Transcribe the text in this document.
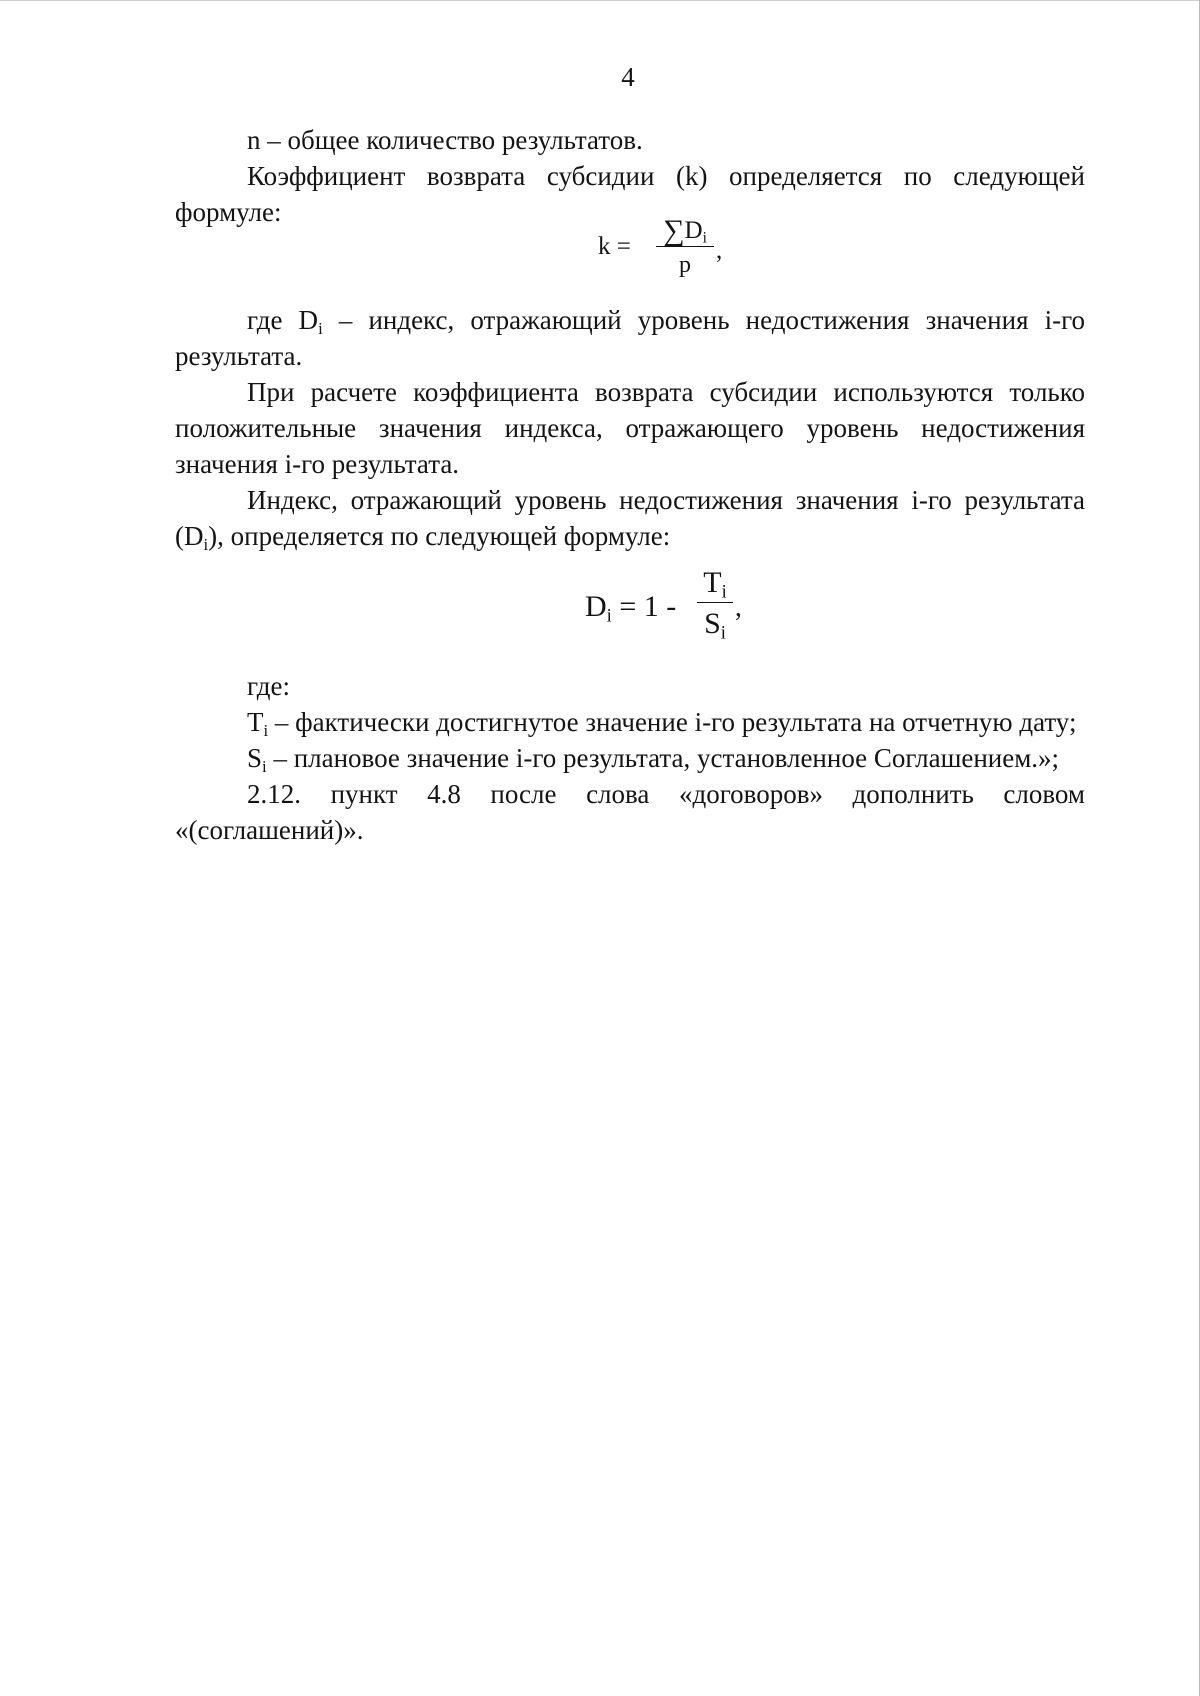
4

n – общее количество результатов.

Коэффициент возврата субсидии (k) определяется по следующей формуле:

$k = \sum D_i$
p
,

где $D_i$ – индекс, отражающий уровень недостижения значения i-го результата.

При расчете коэффициента возврата субсидии используются только положительные значения индекса, отражающего уровень недостижения значения i-го результата.

Индекс, отражающий уровень недостижения значения i-го результата $(D_i)$, определяется по следующей формуле:

$D_i = 1$ -
$T_i$
$S_i$
,

где:

$T_i$ – фактически достигнутое значение i-го результата на отчетную дату;

$S_i$ – плановое значение i-го результата, установленное Соглашением.»;

2.12. пункт 4.8 после слова «договоров» дополнить словом «(соглашений)».
